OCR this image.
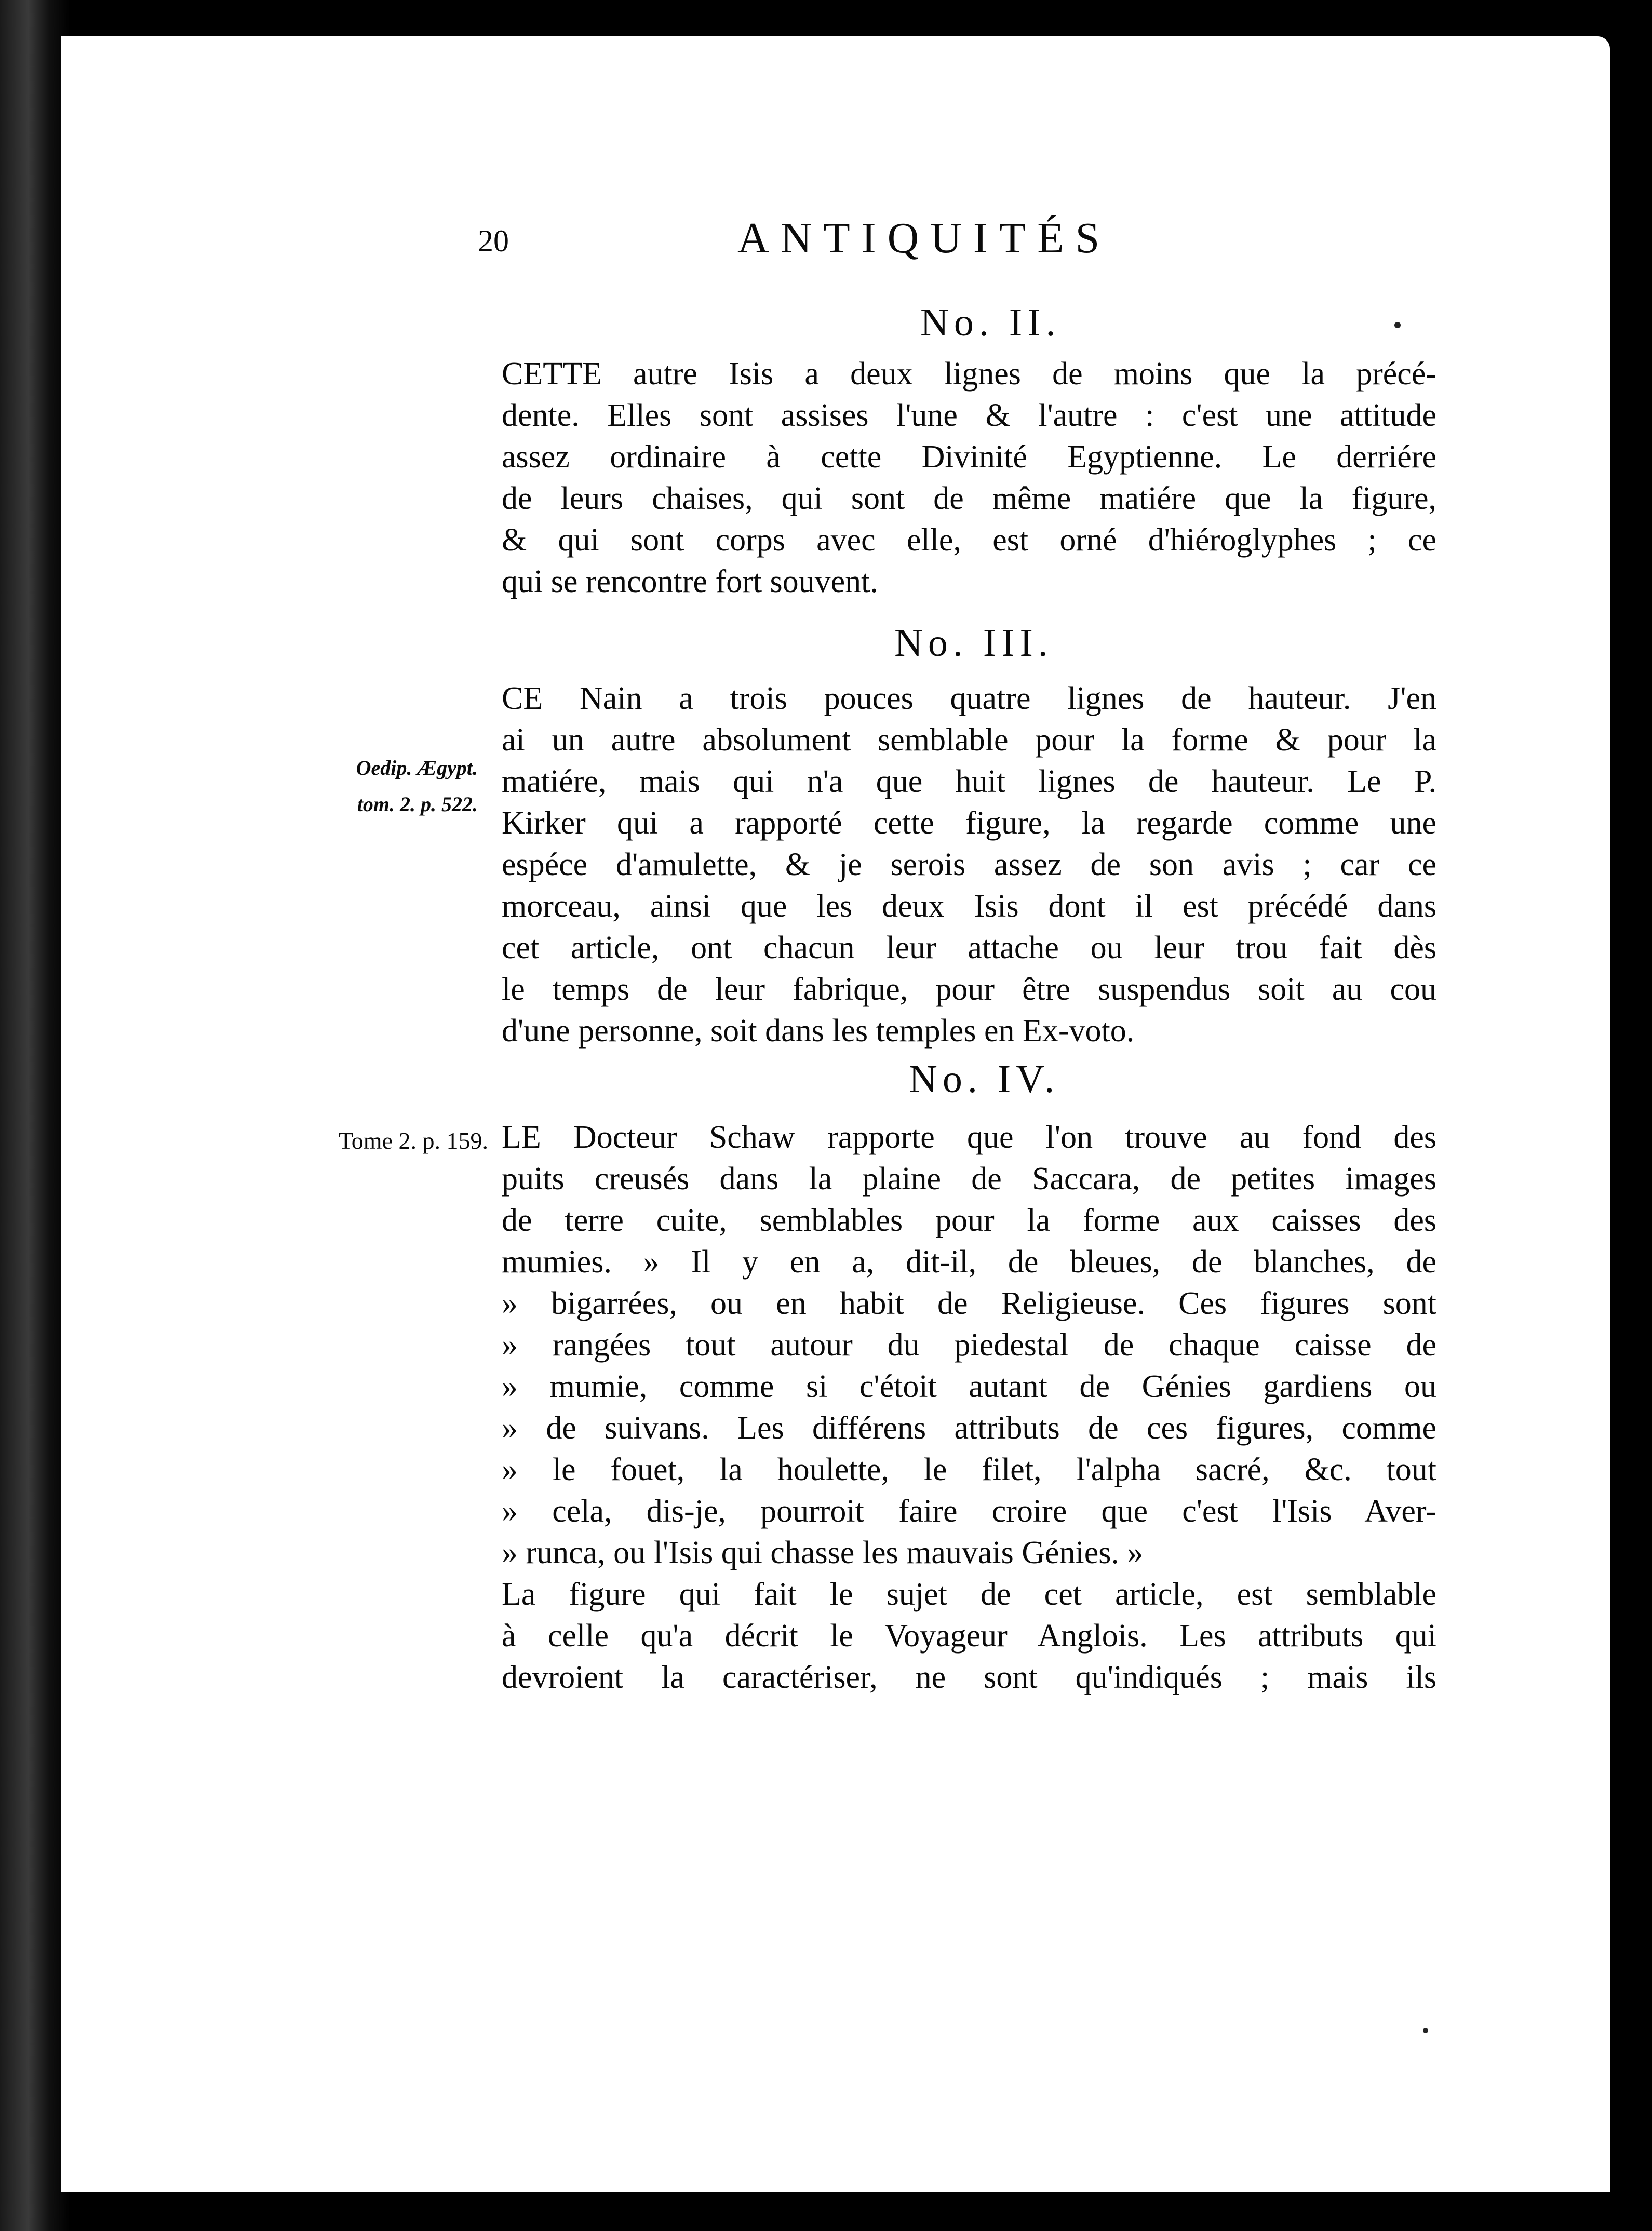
20	ANTIQUITÉS
No. II.
CETTE autre Isis a deux lignes de moins que la précé-
dente. Elles sont assises l'une & l'autre : c'est une attitude
assez ordinaire à cette Divinité Egyptienne. Le derriére
de leurs chaises, qui sont de même matiére que la figure,
& qui sont corps avec elle, est orné d'hiéroglyphes ; ce
qui se rencontre fort souvent.
No. III.
CE Nain a trois pouces quatre lignes de hauteur. J'en
ai un autre absolument semblable pour la forme & pour la
matiére, mais qui n'a que huit lignes de hauteur. Le P.
Kirker qui a rapporté cette figure, la regarde comme une
espéce d'amulette, & je serois assez de son avis ; car ce
morceau, ainsi que les deux Isis dont il est précédé dans
cet article, ont chacun leur attache ou leur trou fait dès
le temps de leur fabrique, pour être suspendus soit au cou
d'une personne, soit dans les temples en Ex-voto.
Oedip. Ægypt.
tom. 2. p. 522.
No. IV.
Tome 2. p. 159. LE Docteur Schaw rapporte que l'on trouve au fond des
puits creusés dans la plaine de Saccara, de petites images
de terre cuite, semblables pour la forme aux caisses des
mumies. » Il y en a, dit-il, de bleues, de blanches, de
» bigarrées, ou en habit de Religieuse. Ces figures sont
» rangées tout autour du piedestal de chaque caisse de
» mumie, comme si c'étoit autant de Génies gardiens ou
» de suivans. Les différens attributs de ces figures, comme
» le fouet, la houlette, le filet, l'alpha sacré, &c. tout
» cela, dis-je, pourroit faire croire que c'est l'Isis Aver-
» runca, ou l'Isis qui chasse les mauvais Génies. »
La figure qui fait le sujet de cet article, est semblable
à celle qu'a décrit le Voyageur Anglois. Les attributs qui
devroient la caractériser, ne sont qu'indiqués ; mais ils
